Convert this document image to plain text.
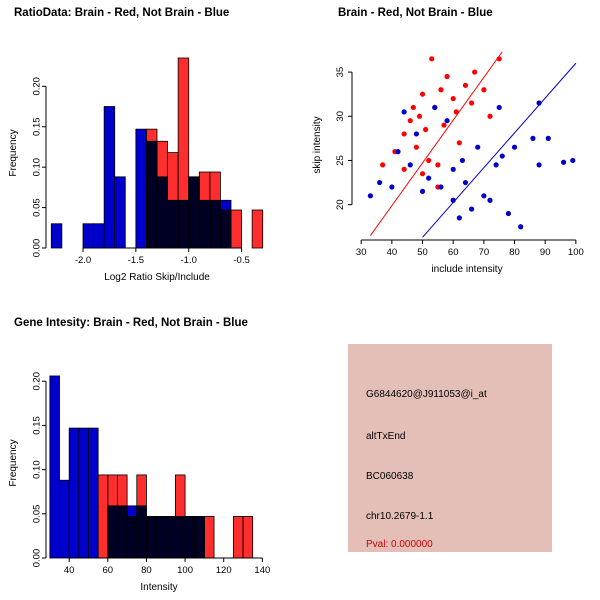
RatioData: Brain - Red, Not Brain - Blue
-2.0	-1.5	-1.0	-0.5
0.00
0.05
0.10
0.15
0.20
Log2 Ratio Skip/Include
Frequency
Brain - Red, Not Brain - Blue
30 40 50 60 70 80 90 100
20
25
30
35
include intensity
skip intensity
Gene Intesity: Brain - Red, Not Brain - Blue
40	60	80	100 120 140
0.00
0.05
0.10
0.15
0.20
Intensity
Frequency
G6844620@J911053@i_at
altTxEnd
BC060638
chr10.2679-1.1
Pval: 0.000000
